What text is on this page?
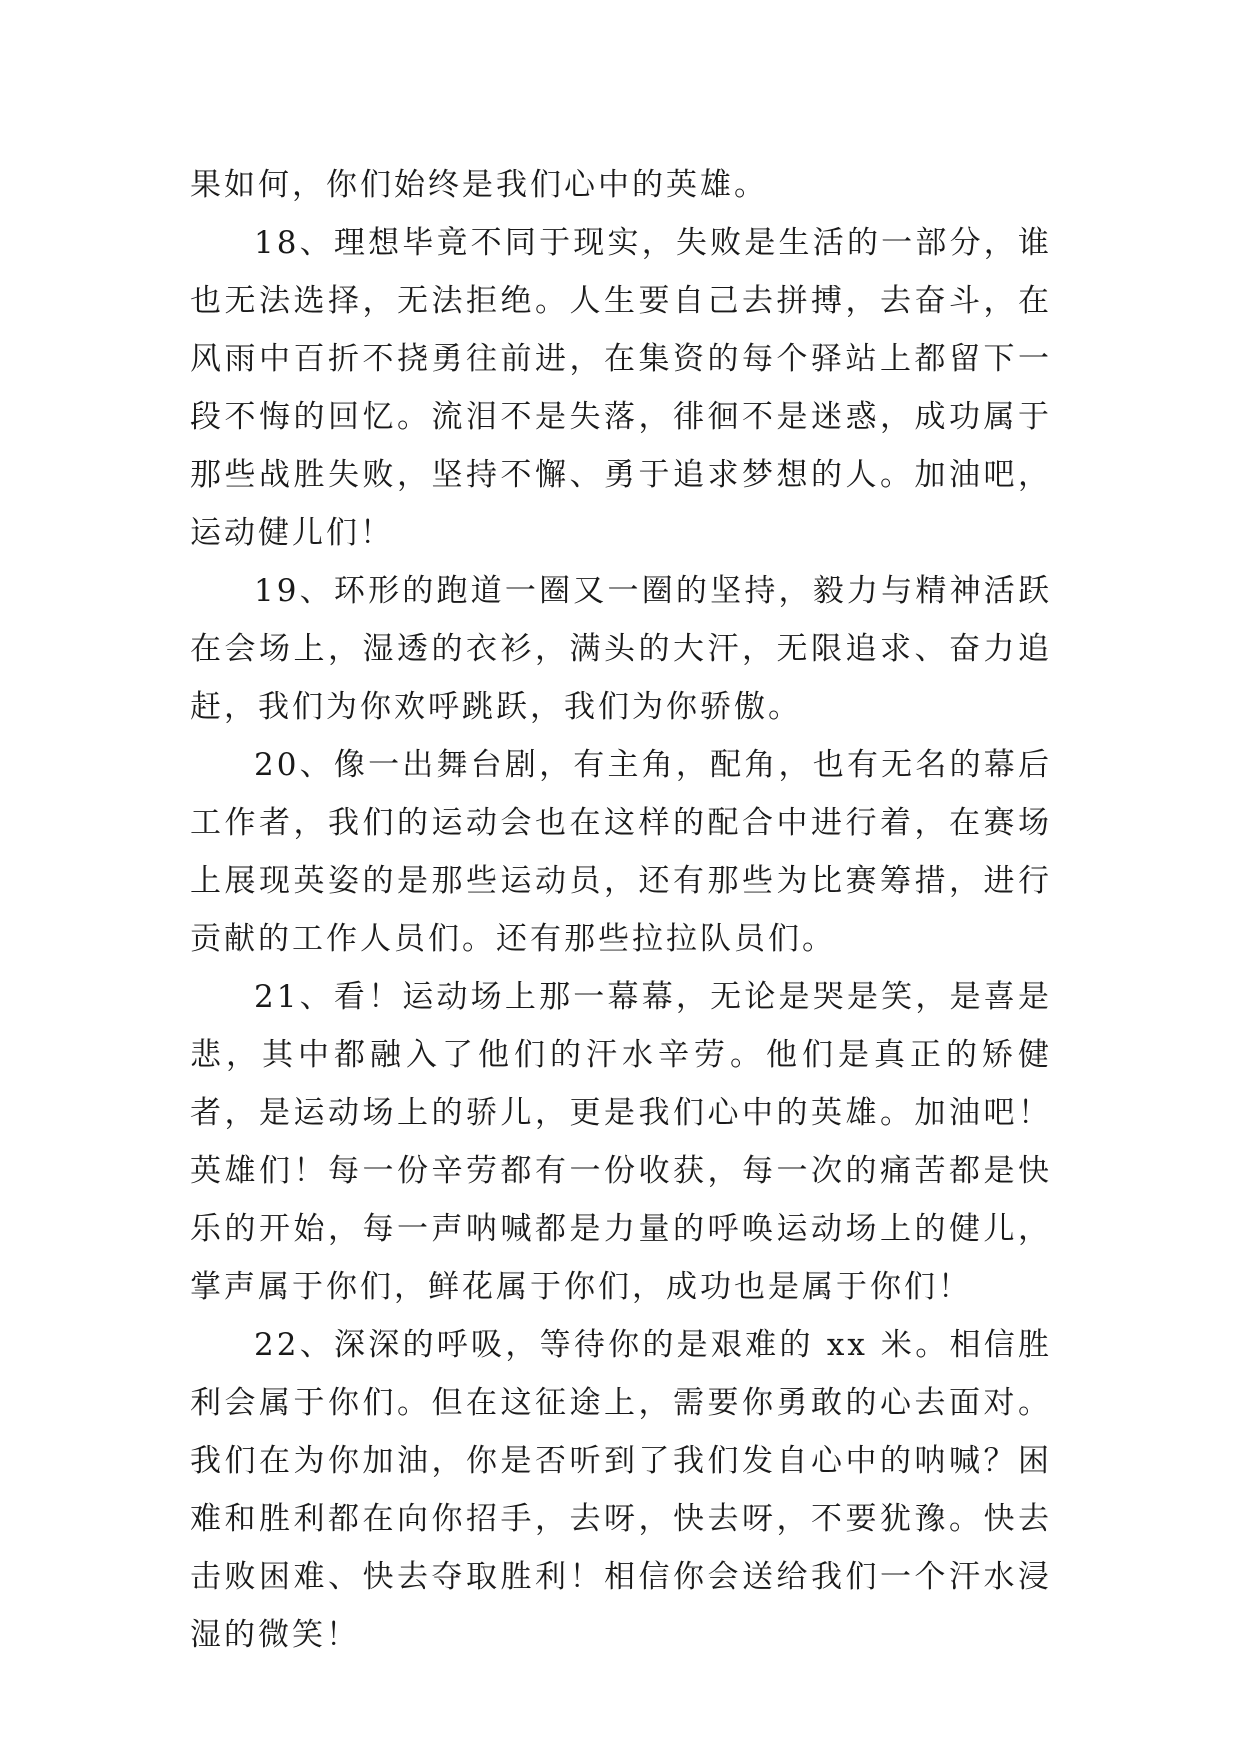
果如何，你们始终是我们心中的英雄。

18、理想毕竟不同于现实，失败是生活的一部分，谁也无法选择，无法拒绝。人生要自己去拼搏，去奋斗，在风雨中百折不挠勇往前进，在集资的每个驿站上都留下一段不悔的回忆。流泪不是失落，徘徊不是迷惑，成功属于那些战胜失败，坚持不懈、勇于追求梦想的人。加油吧，运动健儿们！

19、环形的跑道一圈又一圈的坚持，毅力与精神活跃在会场上，湿透的衣衫，满头的大汗，无限追求、奋力追赶，我们为你欢呼跳跃，我们为你骄傲。

20、像一出舞台剧，有主角，配角，也有无名的幕后工作者，我们的运动会也在这样的配合中进行着，在赛场上展现英姿的是那些运动员，还有那些为比赛筹措，进行贡献的工作人员们。还有那些拉拉队员们。

21、看！运动场上那一幕幕，无论是哭是笑，是喜是悲，其中都融入了他们的汗水辛劳。他们是真正的矫健者，是运动场上的骄儿，更是我们心中的英雄。加油吧！英雄们！每一份辛劳都有一份收获，每一次的痛苦都是快乐的开始，每一声呐喊都是力量的呼唤运动场上的健儿，掌声属于你们，鲜花属于你们，成功也是属于你们！

22、深深的呼吸，等待你的是艰难的 xx 米。相信胜利会属于你们。但在这征途上，需要你勇敢的心去面对。我们在为你加油，你是否听到了我们发自心中的呐喊？困难和胜利都在向你招手，去呀，快去呀，不要犹豫。快去击败困难、快去夺取胜利！相信你会送给我们一个汗水浸湿的微笑！
